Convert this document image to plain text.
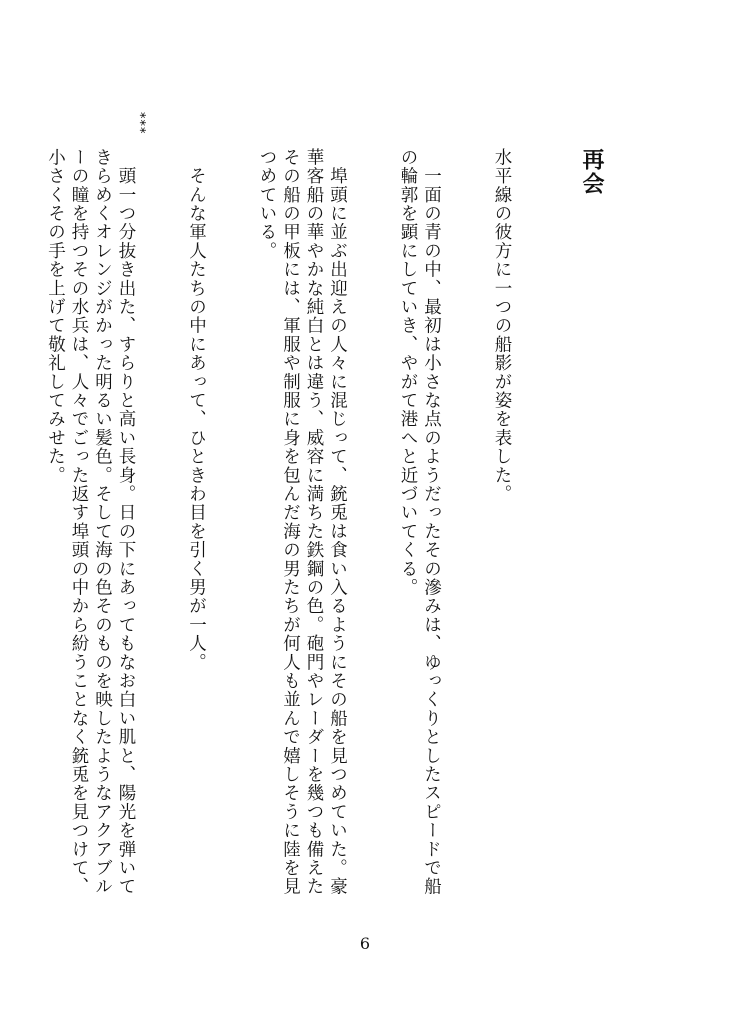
再会

水平線の彼方に一つの船影が姿を表した。

　一面の青の中、最初は小さな点のようだったその滲みは、ゆっくりとしたスピードで船の輪郭を顕にしていき、やがて港へと近づいてくる。

　埠頭に並ぶ出迎えの人々に混じって、銃兎は食い入るようにその船を見つめていた。豪華客船の華やかな純白とは違う、威容に満ちた鉄鋼の色。砲門やレーダーを幾つも備えたその船の甲板には、軍服や制服に身を包んだ海の男たちが何人も並んで嬉しそうに陸を見つめている。

　そんな軍人たちの中にあって、ひときわ目を引く男が一人。

　頭一つ分抜き出た、すらりと高い長身。日の下にあってもなお白い肌と、陽光を弾いてきらめくオレンジがかった明るい髪色。そして海の色そのものを映したようなアクアブルーの瞳を持つその水兵は、人々でごった返す埠頭の中から紛うことなく銃兎を見つけて、小さくその手を上げて敬礼してみせた。

***
6
